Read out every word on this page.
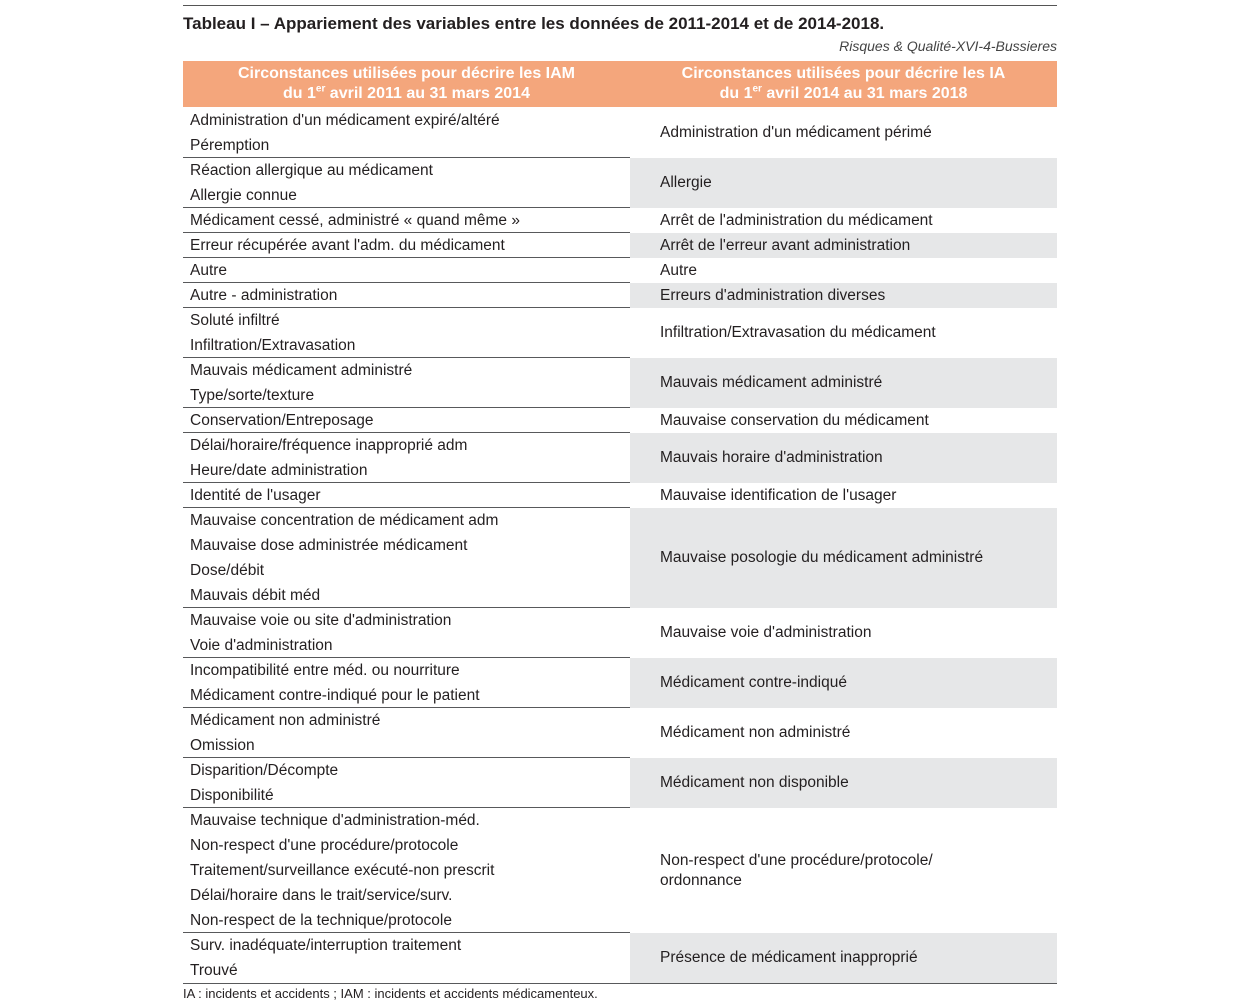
Tableau I – Appariement des variables entre les données de 2011-2014 et de 2014-2018.
Risques & Qualité-XVI-4-Bussieres
Circonstances utilisées pour décrire les IAM
du 1er avril 2011 au 31 mars 2014
Circonstances utilisées pour décrire les IA
du 1er avril 2014 au 31 mars 2018
Administration d'un médicament expiré/altéré
Péremption
Réaction allergique au médicament
Allergie connue
Médicament cessé, administré « quand même »
Erreur récupérée avant l'adm. du médicament
Autre
Autre - administration
Soluté infiltré
Infiltration/Extravasation
Mauvais médicament administré
Type/sorte/texture
Conservation/Entreposage
Délai/horaire/fréquence inapproprié adm
Heure/date administration
Identité de l'usager
Mauvaise concentration de médicament adm
Mauvaise dose administrée médicament
Dose/débit
Mauvais débit méd
Mauvaise voie ou site d'administration
Voie d'administration
Incompatibilité entre méd. ou nourriture
Médicament contre-indiqué pour le patient
Médicament non administré
Omission
Disparition/Décompte
Disponibilité
Mauvaise technique d'administration-méd.
Non-respect d'une procédure/protocole
Traitement/surveillance exécuté-non prescrit
Délai/horaire dans le trait/service/surv.
Non-respect de la technique/protocole
Surv. inadéquate/interruption traitement
Trouvé
Administration d'un médicament périmé
Allergie
Arrêt de l'administration du médicament
Arrêt de l'erreur avant administration
Autre
Erreurs d'administration diverses
Infiltration/Extravasation du médicament
Mauvais médicament administré
Mauvaise conservation du médicament
Mauvais horaire d'administration
Mauvaise identification de l'usager
Mauvaise posologie du médicament administré
Mauvaise voie d'administration
Médicament contre-indiqué
Médicament non administré
Médicament non disponible
Non-respect d'une procédure/protocole/ ordonnance
Présence de médicament inapproprié
IA : incidents et accidents ; IAM : incidents et accidents médicamenteux.
